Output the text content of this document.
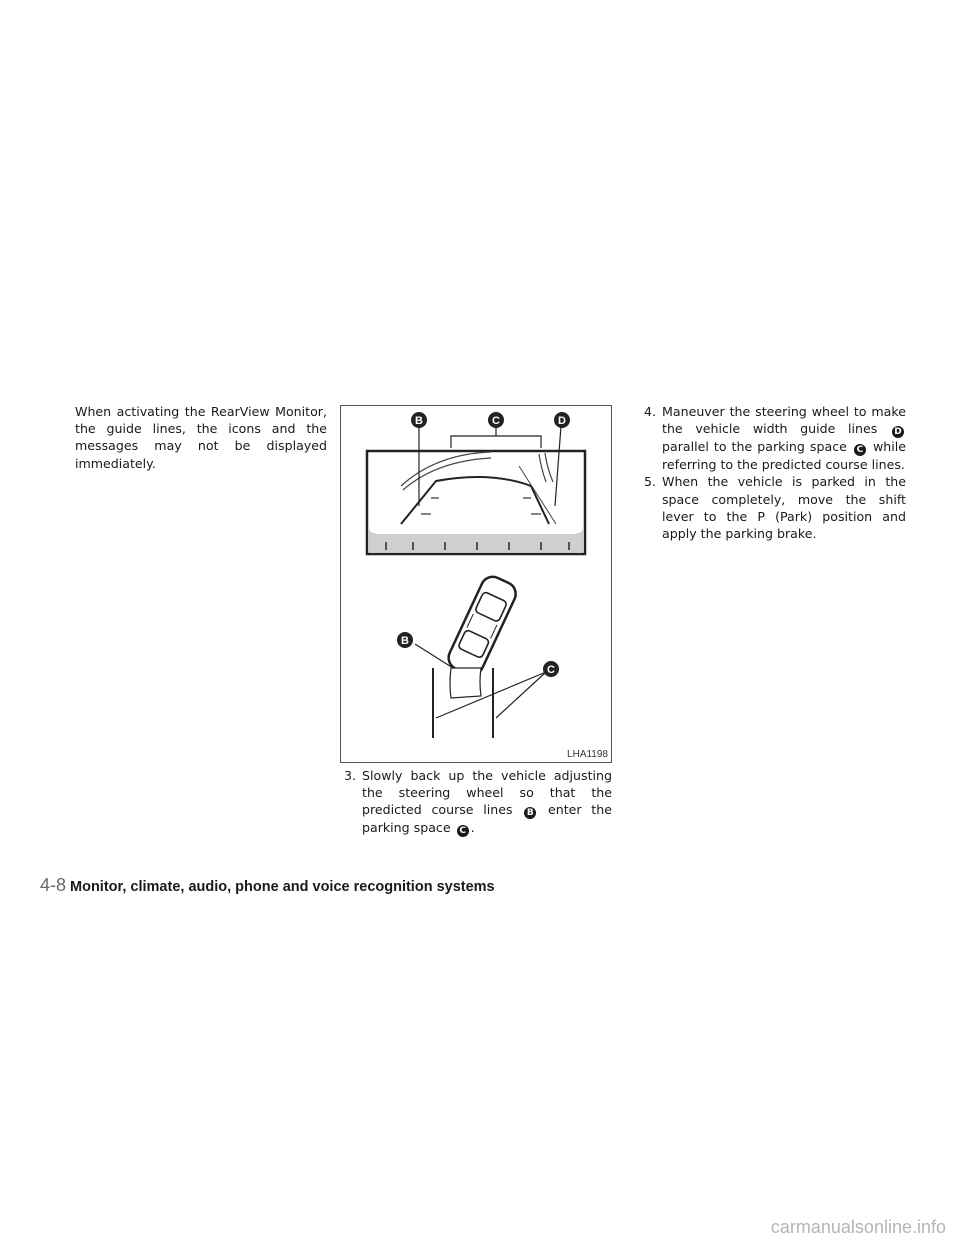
When activating the RearView Monitor, the guide lines, the icons and the messages may not be displayed immediately.

B	C	D
B
C
LHA1198

3. Slowly back up the vehicle adjusting the steering wheel so that the predicted course lines B enter the parking space C .

4. Maneuver the steering wheel to make the vehicle width guide lines D parallel to the parking space C while referring to the predicted course lines.

5. When the vehicle is parked in the space completely, move the shift lever to the P (Park) position and apply the parking brake.

4-8 Monitor, climate, audio, phone and voice recognition systems
carmanualsonline.info
